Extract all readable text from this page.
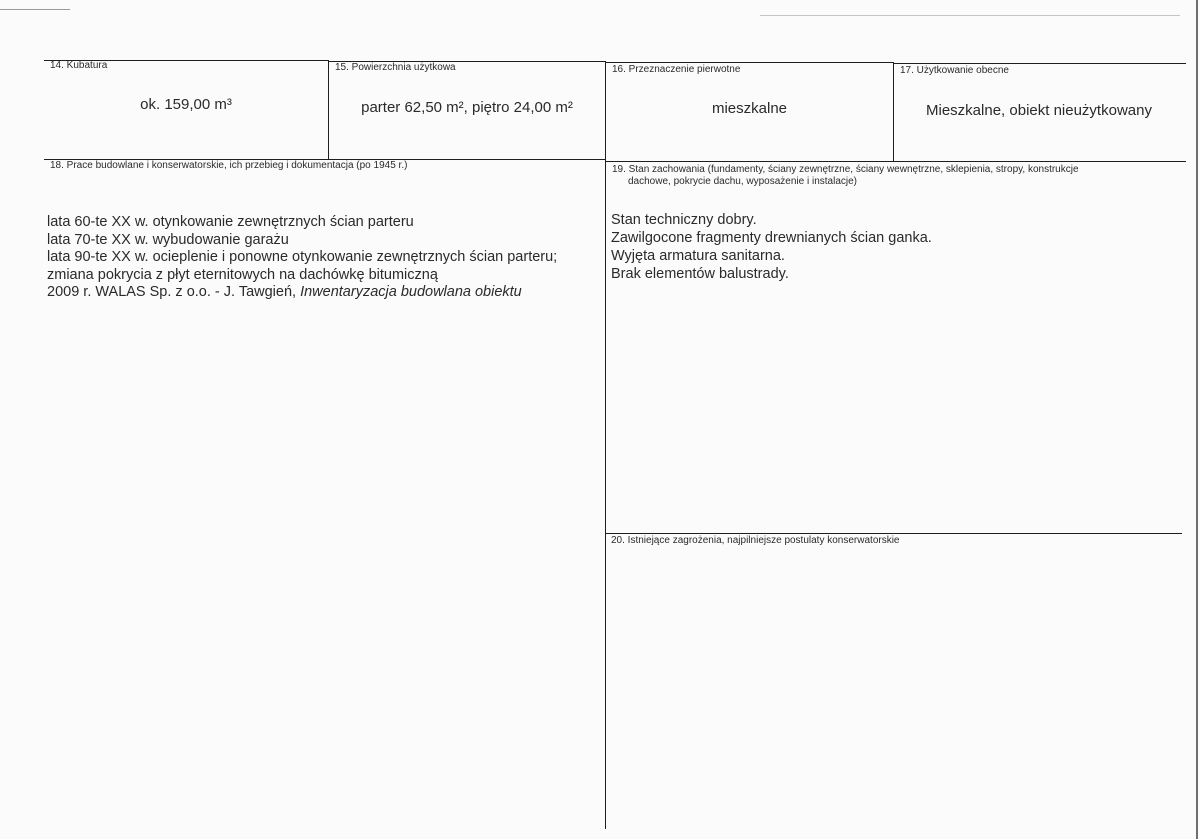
14. Kubatura
ok. 159,00 m³
15. Powierzchnia użytkowa
parter 62,50 m², piętro 24,00 m²
16. Przeznaczenie pierwotne
mieszkalne
17. Użytkowanie obecne
Mieszkalne, obiekt nieużytkowany
18. Prace budowlane i konserwatorskie, ich przebieg i dokumentacja (po 1945 r.)
lata 60-te XX w. otynkowanie zewnętrznych ścian parteru
lata 70-te XX w. wybudowanie garażu
lata 90-te XX w. ocieplenie i ponowne otynkowanie zewnętrznych ścian parteru;
zmiana pokrycia z płyt eternitowych na dachówkę bitumiczną
2009 r. WALAS Sp. z o.o. - J. Tawgień, Inwentaryzacja budowlana obiektu
19. Stan zachowania (fundamenty, ściany zewnętrzne, ściany wewnętrzne, sklepienia, stropy, konstrukcje
dachowe, pokrycie dachu, wyposażenie i instalacje)
Stan techniczny dobry.
Zawilgocone fragmenty drewnianych ścian ganka.
Wyjęta armatura sanitarna.
Brak elementów balustrady.
20. Istniejące zagrożenia, najpilniejsze postulaty konserwatorskie
